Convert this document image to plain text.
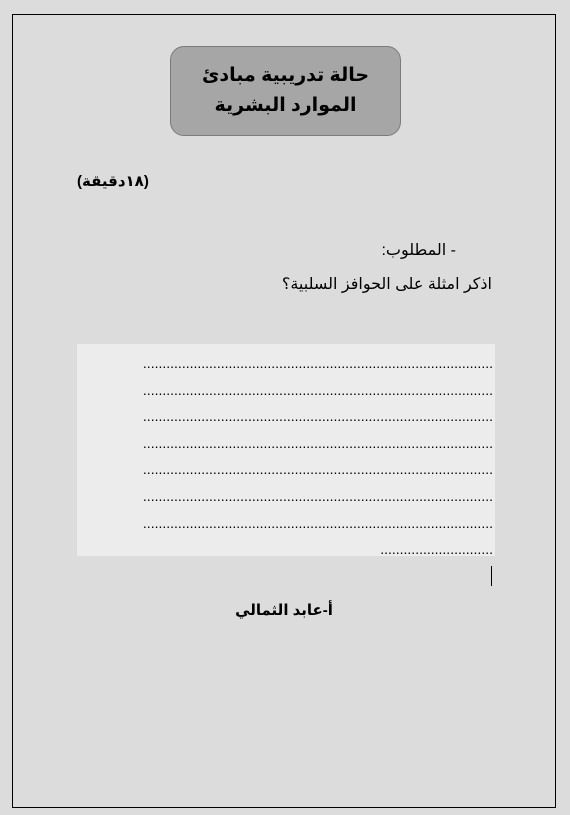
حالة تدريبية مبادئ
الموارد البشرية
(١٨دقيقة)
- المطلوب:
اذكر امثلة على الحوافز السلبية؟
..........................................................................................
..........................................................................................
..........................................................................................
..........................................................................................
..........................................................................................
..........................................................................................
..........................................................................................
.............................
أ-عابد الثمالي
